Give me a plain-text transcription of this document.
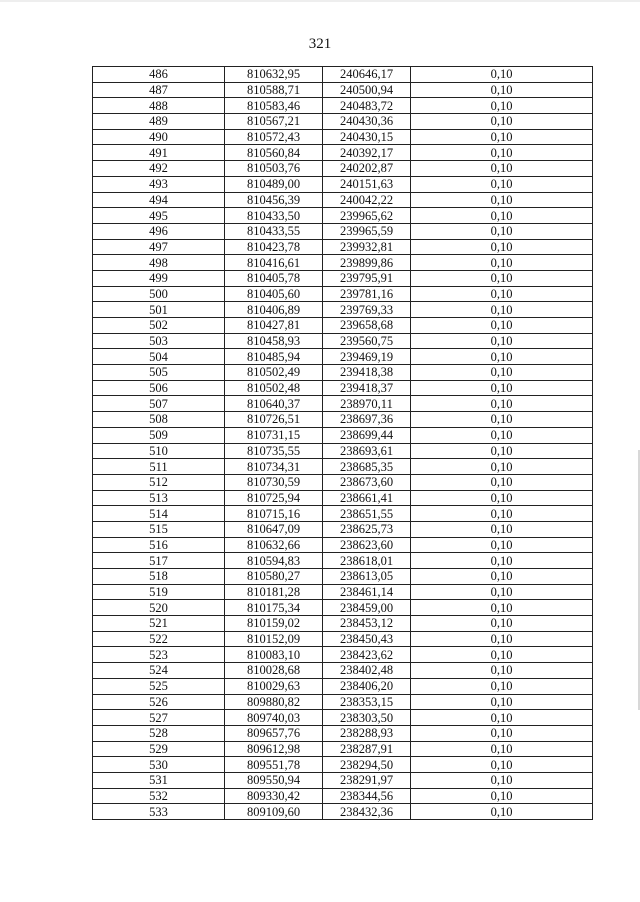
321
486	810632,95	240646,17	0,10
487	810588,71	240500,94	0,10
488	810583,46	240483,72	0,10
489	810567,21	240430,36	0,10
490	810572,43	240430,15	0,10
491	810560,84	240392,17	0,10
492	810503,76	240202,87	0,10
493	810489,00	240151,63	0,10
494	810456,39	240042,22	0,10
495	810433,50	239965,62	0,10
496	810433,55	239965,59	0,10
497	810423,78	239932,81	0,10
498	810416,61	239899,86	0,10
499	810405,78	239795,91	0,10
500	810405,60	239781,16	0,10
501	810406,89	239769,33	0,10
502	810427,81	239658,68	0,10
503	810458,93	239560,75	0,10
504	810485,94	239469,19	0,10
505	810502,49	239418,38	0,10
506	810502,48	239418,37	0,10
507	810640,37	238970,11	0,10
508	810726,51	238697,36	0,10
509	810731,15	238699,44	0,10
510	810735,55	238693,61	0,10
511	810734,31	238685,35	0,10
512	810730,59	238673,60	0,10
513	810725,94	238661,41	0,10
514	810715,16	238651,55	0,10
515	810647,09	238625,73	0,10
516	810632,66	238623,60	0,10
517	810594,83	238618,01	0,10
518	810580,27	238613,05	0,10
519	810181,28	238461,14	0,10
520	810175,34	238459,00	0,10
521	810159,02	238453,12	0,10
522	810152,09	238450,43	0,10
523	810083,10	238423,62	0,10
524	810028,68	238402,48	0,10
525	810029,63	238406,20	0,10
526	809880,82	238353,15	0,10
527	809740,03	238303,50	0,10
528	809657,76	238288,93	0,10
529	809612,98	238287,91	0,10
530	809551,78	238294,50	0,10
531	809550,94	238291,97	0,10
532	809330,42	238344,56	0,10
533	809109,60	238432,36	0,10
